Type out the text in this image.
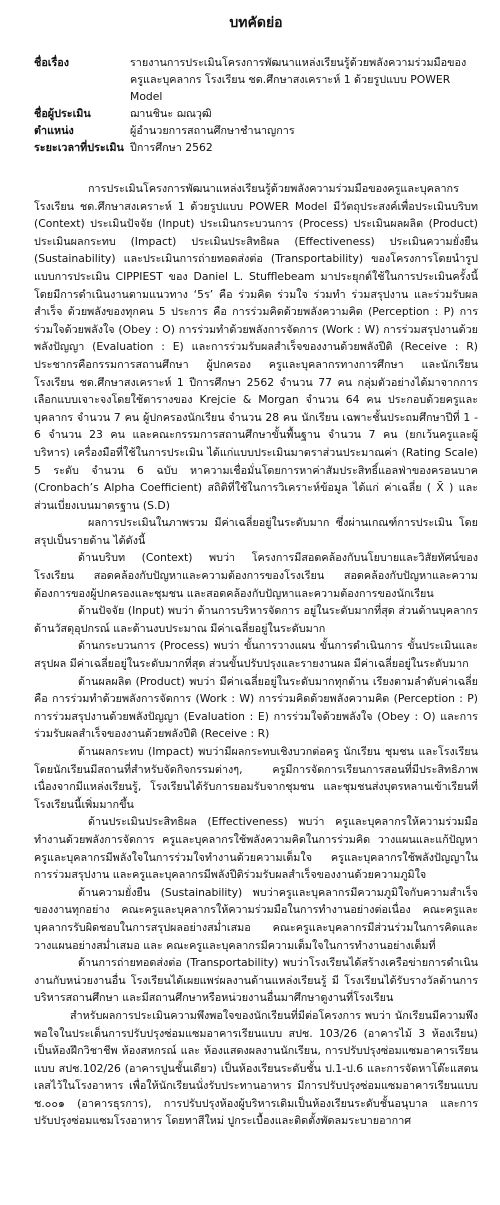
บทคัดย่อ
ชื่อเรื่อง	รายงานการประเมินโครงการพัฒนาแหล่งเรียนรู้ด้วยพลังความร่วมมือของครูและบุคลากร โรงเรียน ชด.ศึกษาสงเคราะห์ 1 ด้วยรูปแบบ POWER Model
ชื่อผู้ประเมิน	ฌานชินะ ฌณวุฒิ
ตำแหน่ง	ผู้อำนวยการสถานศึกษาชำนาญการ
ระยะเวลาที่ประเมิน ปีการศึกษา 2562

การประเมินโครงการพัฒนาแหล่งเรียนรู้ด้วยพลังความร่วมมือของครูและบุคลากร โรงเรียน ชด.ศึกษาสงเคราะห์ 1 ด้วยรูปแบบ POWER Model มีวัตถุประสงค์เพื่อประเมินบริบท (Context) ประเมินปัจจัย (Input) ประเมินกระบวนการ (Process) ประเมินผลผลิต (Product) ประเมินผลกระทบ (Impact) ประเมินประสิทธิผล (Effectiveness) ประเมินความยั่งยืน (Sustainability) และประเมินการถ่ายทอดส่งต่อ (Transportability) ของโครงการโดยนำรูปแบบการประเมิน CIPPIEST ของ Daniel L. Stufflebeam มาประยุกต์ใช้ในการประเมินครั้งนี้ โดยมีการดำเนินงานตามแนวทาง ‘5ร’ คือ ร่วมคิด ร่วมใจ ร่วมทำ ร่วมสรุปงาน และร่วมรับผลสำเร็จ ด้วยพลังของทุกคน 5 ประการ คือ การร่วมคิดด้วยพลังความคิด (Perception : P) การร่วมใจด้วยพลังใจ (Obey : O) การร่วมทำด้วยพลังการจัดการ (Work : W) การร่วมสรุปงานด้วยพลังปัญญา (Evaluation : E) และการร่วมรับผลสำเร็จของงานด้วยพลังปีติ (Receive : R) ประชากรคือกรรมการสถานศึกษา ผู้ปกครอง ครูและบุคลากรทางการศึกษา และนักเรียน โรงเรียน ชด.ศึกษาสงเคราะห์ 1 ปีการศึกษา 2562 จำนวน 77 คน กลุ่มตัวอย่างได้มาจากการเลือกแบบเจาะจงโดยใช้ตารางของ Krejcie & Morgan จำนวน 64 คน ประกอบด้วยครูและบุคลากร จำนวน 7 คน ผู้ปกครองนักเรียน จำนวน 28 คน นักเรียน เฉพาะชั้นประถมศึกษาปีที่ 1 - 6 จำนวน 23 คน และคณะกรรมการสถานศึกษาขั้นพื้นฐาน จำนวน 7 คน (ยกเว้นครูและผู้บริหาร) เครื่องมือที่ใช้ในการประเมิน ได้แก่แบบประเมินมาตราส่วนประมาณค่า (Rating Scale) 5 ระดับ จำนวน 6 ฉบับ หาความเชื่อมั่นโดยการหาค่าสัมประสิทธิ์แอลฟ่าของครอนบาค (Cronbach’s Alpha Coefficient) สถิติที่ใช้ในการวิเคราะห์ข้อมูล ได้แก่ ค่าเฉลี่ย ( X̄ ) และส่วนเบี่ยงเบนมาตรฐาน (S.D)

ผลการประเมินในภาพรวม มีค่าเฉลี่ยอยู่ในระดับมาก ซึ่งผ่านเกณฑ์การประเมิน โดยสรุปเป็นรายด้าน ได้ดังนี้

ด้านบริบท (Context) พบว่า โครงการมีสอดคล้องกับนโยบายและวิสัยทัศน์ของโรงเรียน สอดคล้องกับปัญหาและความต้องการของโรงเรียน สอดคล้องกับปัญหาและความต้องการของผู้ปกครองและชุมชน และสอดคล้องกับปัญหาและความต้องการของนักเรียน

ด้านปัจจัย (Input) พบว่า ด้านการบริหารจัดการ อยู่ในระดับมากที่สุด ส่วนด้านบุคลากร ด้านวัสดุอุปกรณ์ และด้านงบประมาณ มีค่าเฉลี่ยอยู่ในระดับมาก

ด้านกระบวนการ (Process) พบว่า ขั้นการวางแผน ขั้นการดำเนินการ ขั้นประเมินและสรุปผล มีค่าเฉลี่ยอยู่ในระดับมากที่สุด ส่วนขั้นปรับปรุงและรายงานผล มีค่าเฉลี่ยอยู่ในระดับมาก

ด้านผลผลิต (Product) พบว่า มีค่าเฉลี่ยอยู่ในระดับมากทุกด้าน เรียงตามลำดับค่าเฉลี่ย คือ การร่วมทำด้วยพลังการจัดการ (Work : W) การร่วมคิดด้วยพลังความคิด (Perception : P) การร่วมสรุปงานด้วยพลังปัญญา (Evaluation : E) การร่วมใจด้วยพลังใจ (Obey : O) และการร่วมรับผลสำเร็จของงานด้วยพลังปีติ (Receive : R)

ด้านผลกระทบ (Impact) พบว่ามีผลกระทบเชิงบวกต่อครู นักเรียน ชุมชน และโรงเรียน โดยนักเรียนมีสถานที่สำหรับจัดกิจกรรมต่างๆ, ครูมีการจัดการเรียนการสอนที่มีประสิทธิภาพเนื่องจากมีแหล่งเรียนรู้, โรงเรียนได้รับการยอมรับจากชุมชน และชุมชนส่งบุตรหลานเข้าเรียนที่โรงเรียนนี้เพิ่มมากขึ้น

ด้านประเมินประสิทธิผล (Effectiveness) พบว่า ครูและบุคลากรให้ความร่วมมือทำงานด้วยพลังการจัดการ ครูและบุคลากรใช้พลังความคิดในการร่วมคิด วางแผนและแก้ปัญหา ครูและบุคลากรมีพลังใจในการร่วมใจทำงานด้วยความเต็มใจ ครูและบุคลากรใช้พลังปัญญาในการร่วมสรุปงาน และครูและบุคลากรมีพลังปีติร่วมรับผลสำเร็จของงานด้วยความภูมิใจ

ด้านความยั่งยืน (Sustainability) พบว่าครูและบุคลากรมีความภูมิใจกับความสำเร็จของงานทุกอย่าง คณะครูและบุคลากรให้ความร่วมมือในการทำงานอย่างต่อเนื่อง คณะครูและบุคลากรรับผิดชอบในการสรุปผลอย่างสม่ำเสมอ คณะครูและบุคลากรมีส่วนร่วมในการคิดและวางแผนอย่างสม่ำเสมอ และ คณะครูและบุคลากรมีความเต็มใจในการทำงานอย่างเต็มที่

ด้านการถ่ายทอดส่งต่อ (Transportability) พบว่าโรงเรียนได้สร้างเครือข่ายการดำเนินงานกับหน่วยงานอื่น โรงเรียนได้เผยแพร่ผลงานด้านแหล่งเรียนรู้ มี โรงเรียนได้รับรางวัลด้านการบริหารสถานศึกษา และมีสถานศึกษาหรือหน่วยงานอื่นมาศึกษาดูงานที่โรงเรียน

สำหรับผลการประเมินความพึงพอใจของนักเรียนที่มีต่อโครงการ พบว่า นักเรียนมีความพึงพอใจในประเด็นการปรับปรุงซ่อมแซมอาคารเรียนแบบ สปช. 103/26 (อาคารไม้ 3 ห้องเรียน) เป็นห้องฝึกวิชาชีพ ห้องสหกรณ์ และ ห้องแสดงผลงานนักเรียน, การปรับปรุงซ่อมแซมอาคารเรียนแบบ สปช.102/26 (อาคารปูนชั้นเดียว) เป็นห้องเรียนระดับชั้น ป.1-ป.6 และการจัดหาโต๊ะแสตนเลสไว้ในโรงอาหาร เพื่อให้นักเรียนนั่งรับประทานอาหาร มีการปรับปรุงซ่อมแซมอาคารเรียนแบบ ช.๐๐๑ (อาคารธุรการ), การปรับปรุงห้องผู้บริหารเดิมเป็นห้องเรียนระดับชั้นอนุบาล และการปรับปรุงซ่อมแซมโรงอาหาร โดยทาสีใหม่ ปูกระเบื้องและติดตั้งพัดลมระบายอากาศ
